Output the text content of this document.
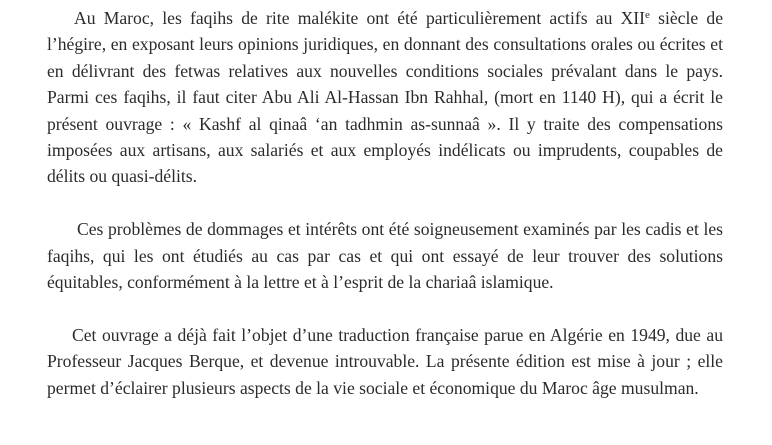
Au Maroc, les faqihs de rite malékite ont été particulièrement actifs au XIIe siècle de l’hégire, en exposant leurs opinions juridiques, en donnant des consultations orales ou écrites et en délivrant des fetwas relatives aux nouvelles conditions sociales prévalant dans le pays. Parmi ces faqihs, il faut citer Abu Ali Al-Hassan Ibn Rahhal, (mort en 1140 H), qui a écrit le présent ouvrage : « Kashf al qinaâ ‘an tadhmin as-sunnaâ ». Il y traite des compensations imposées aux artisans, aux salariés et aux employés indélicats ou imprudents, coupables de délits ou quasi-délits.

Ces problèmes de dommages et intérêts ont été soigneusement examinés par les cadis et les faqihs, qui les ont étudiés au cas par cas et qui ont essayé de leur trouver des solutions équitables, conformément à la lettre et à l’esprit de la chariaâ islamique.

Cet ouvrage a déjà fait l’objet d’une traduction française parue en Algérie en 1949, due au Professeur Jacques Berque, et devenue introuvable. La présente édition est mise à jour ; elle permet d’éclairer plusieurs aspects de la vie sociale et économique du Maroc âge musulman.
